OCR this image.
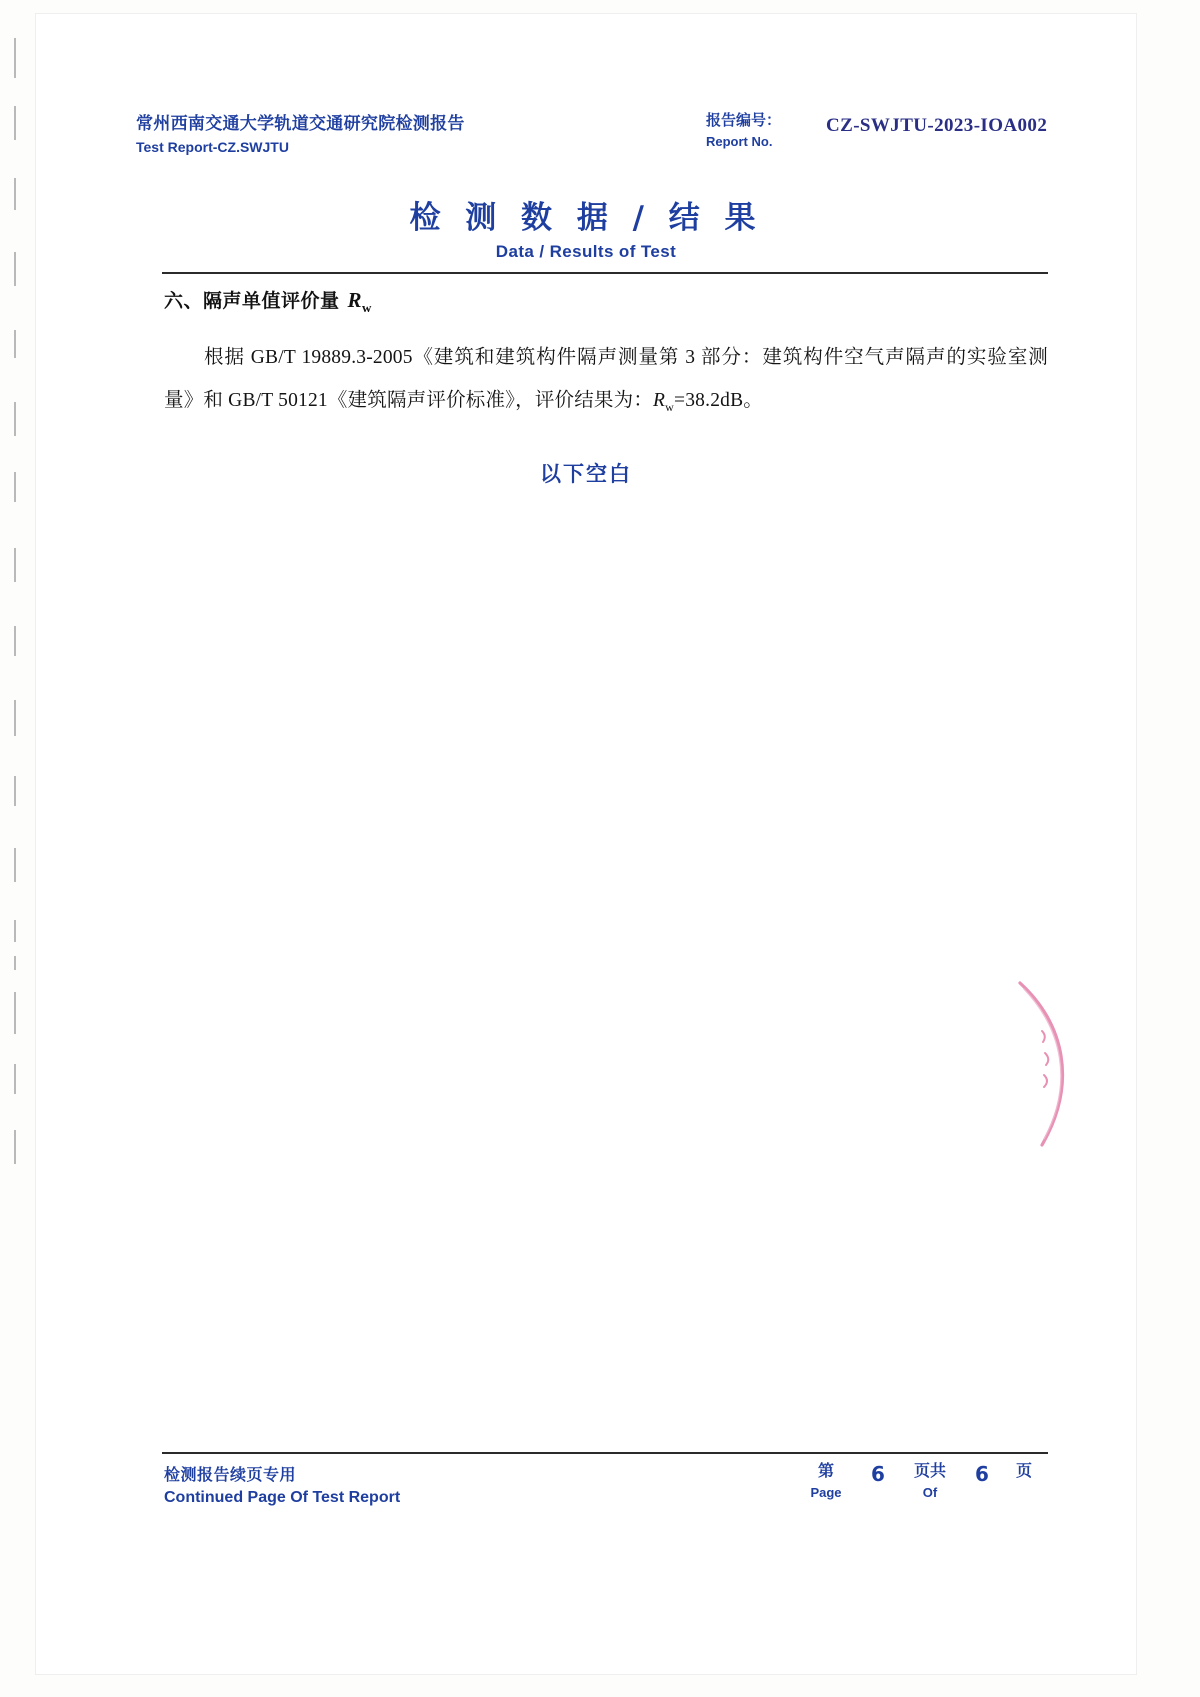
常州西南交通大学轨道交通研究院检测报告
Test Report-CZ.SWJTU
报告编号：
Report No.
CZ-SWJTU-2023-IOA002
检 测 数 据 / 结 果
Data / Results of Test
六、隔声单值评价量 $R_w$
根据 GB/T 19889.3-2005《建筑和建筑构件隔声测量第 3 部分：建筑构件空气声隔声的实验室测量》和 GB/T 50121《建筑隔声评价标准》，评价结果为：$R_w=38.2dB$。
以下空白
检测报告续页专用
Continued Page Of Test Report
第
Page
6	页共
Of
6	页
